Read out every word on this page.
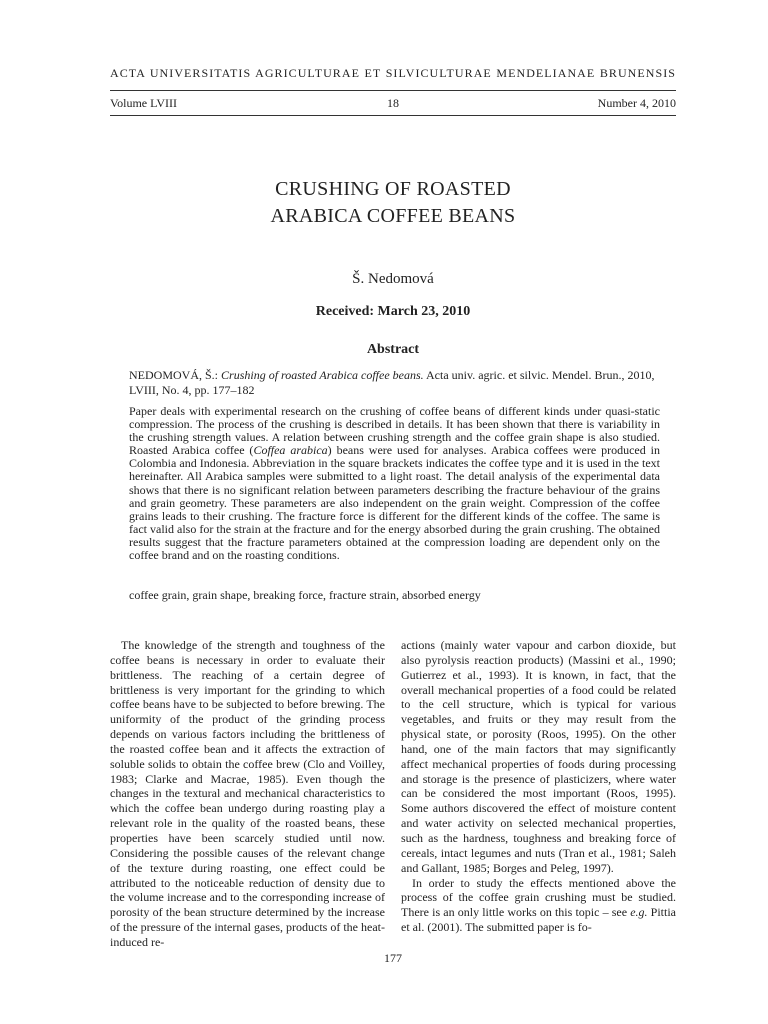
ACTA UNIVERSITATIS AGRICULTURAE ET SILVICULTURAE MENDELIANAE BRUNENSIS
Volume LVIII	18	Number 4, 2010
CRUSHING OF ROASTED
ARABICA COFFEE BEANS
Š. Nedomová
Received: March 23, 2010
Abstract
NEDOMOVÁ, Š.: Crushing of roasted Arabica coffee beans. Acta univ. agric. et silvic. Mendel. Brun., 2010, LVIII, No. 4, pp. 177–182
Paper deals with experimental research on the crushing of coffee beans of different kinds under quasi-static compression. The process of the crushing is described in details. It has been shown that there is variability in the crushing strength values. A relation between crushing strength and the coffee grain shape is also studied. Roasted Arabica coffee (Coffea arabica) beans were used for analyses. Arabica coffees were produced in Colombia and Indonesia. Abbreviation in the square brackets indicates the coffee type and it is used in the text hereinafter. All Arabica samples were submitted to a light roast. The detail analysis of the experimental data shows that there is no significant relation between parameters describing the fracture behaviour of the grains and grain geometry. These parameters are also independent on the grain weight. Compression of the coffee grains leads to their crushing. The fracture force is different for the different kinds of the coffee. The same is fact valid also for the strain at the fracture and for the energy absorbed during the grain crushing. The obtained results suggest that the fracture parameters obtained at the compression loading are dependent only on the coffee brand and on the roasting conditions.
coffee grain, grain shape, breaking force, fracture strain, absorbed energy

The knowledge of the strength and toughness of the coffee beans is necessary in order to evaluate their brittleness. The reaching of a certain degree of brittleness is very important for the grinding to which coffee beans have to be subjected to before brewing. The uniformity of the product of the grinding process depends on various factors including the brittleness of the roasted coffee bean and it affects the extraction of soluble solids to obtain the coffee brew (Clo and Voilley, 1983; Clarke and Macrae, 1985). Even though the changes in the textural and mechanical characteristics to which the coffee bean undergo during roasting play a relevant role in the quality of the roasted beans, these properties have been scarcely studied until now. Considering the possible causes of the relevant change of the texture during roasting, one effect could be attributed to the noticeable reduction of density due to the volume increase and to the corresponding increase of porosity of the bean structure determined by the increase of the pressure of the internal gases, products of the heat-induced re-

actions (mainly water vapour and carbon dioxide, but also pyrolysis reaction products) (Massini et al., 1990; Gutierrez et al., 1993). It is known, in fact, that the overall mechanical properties of a food could be related to the cell structure, which is typical for various vegetables, and fruits or they may result from the physical state, or porosity (Roos, 1995). On the other hand, one of the main factors that may significantly affect mechanical properties of foods during processing and storage is the presence of plasticizers, where water can be considered the most important (Roos, 1995). Some authors discovered the effect of moisture content and water activity on selected mechanical properties, such as the hardness, toughness and breaking force of cereals, intact legumes and nuts (Tran et al., 1981; Saleh and Gallant, 1985; Borges and Peleg, 1997).

In order to study the effects mentioned above the process of the coffee grain crushing must be studied. There is an only little works on this topic – see e.g. Pittia et al. (2001). The submitted paper is fo-

177
